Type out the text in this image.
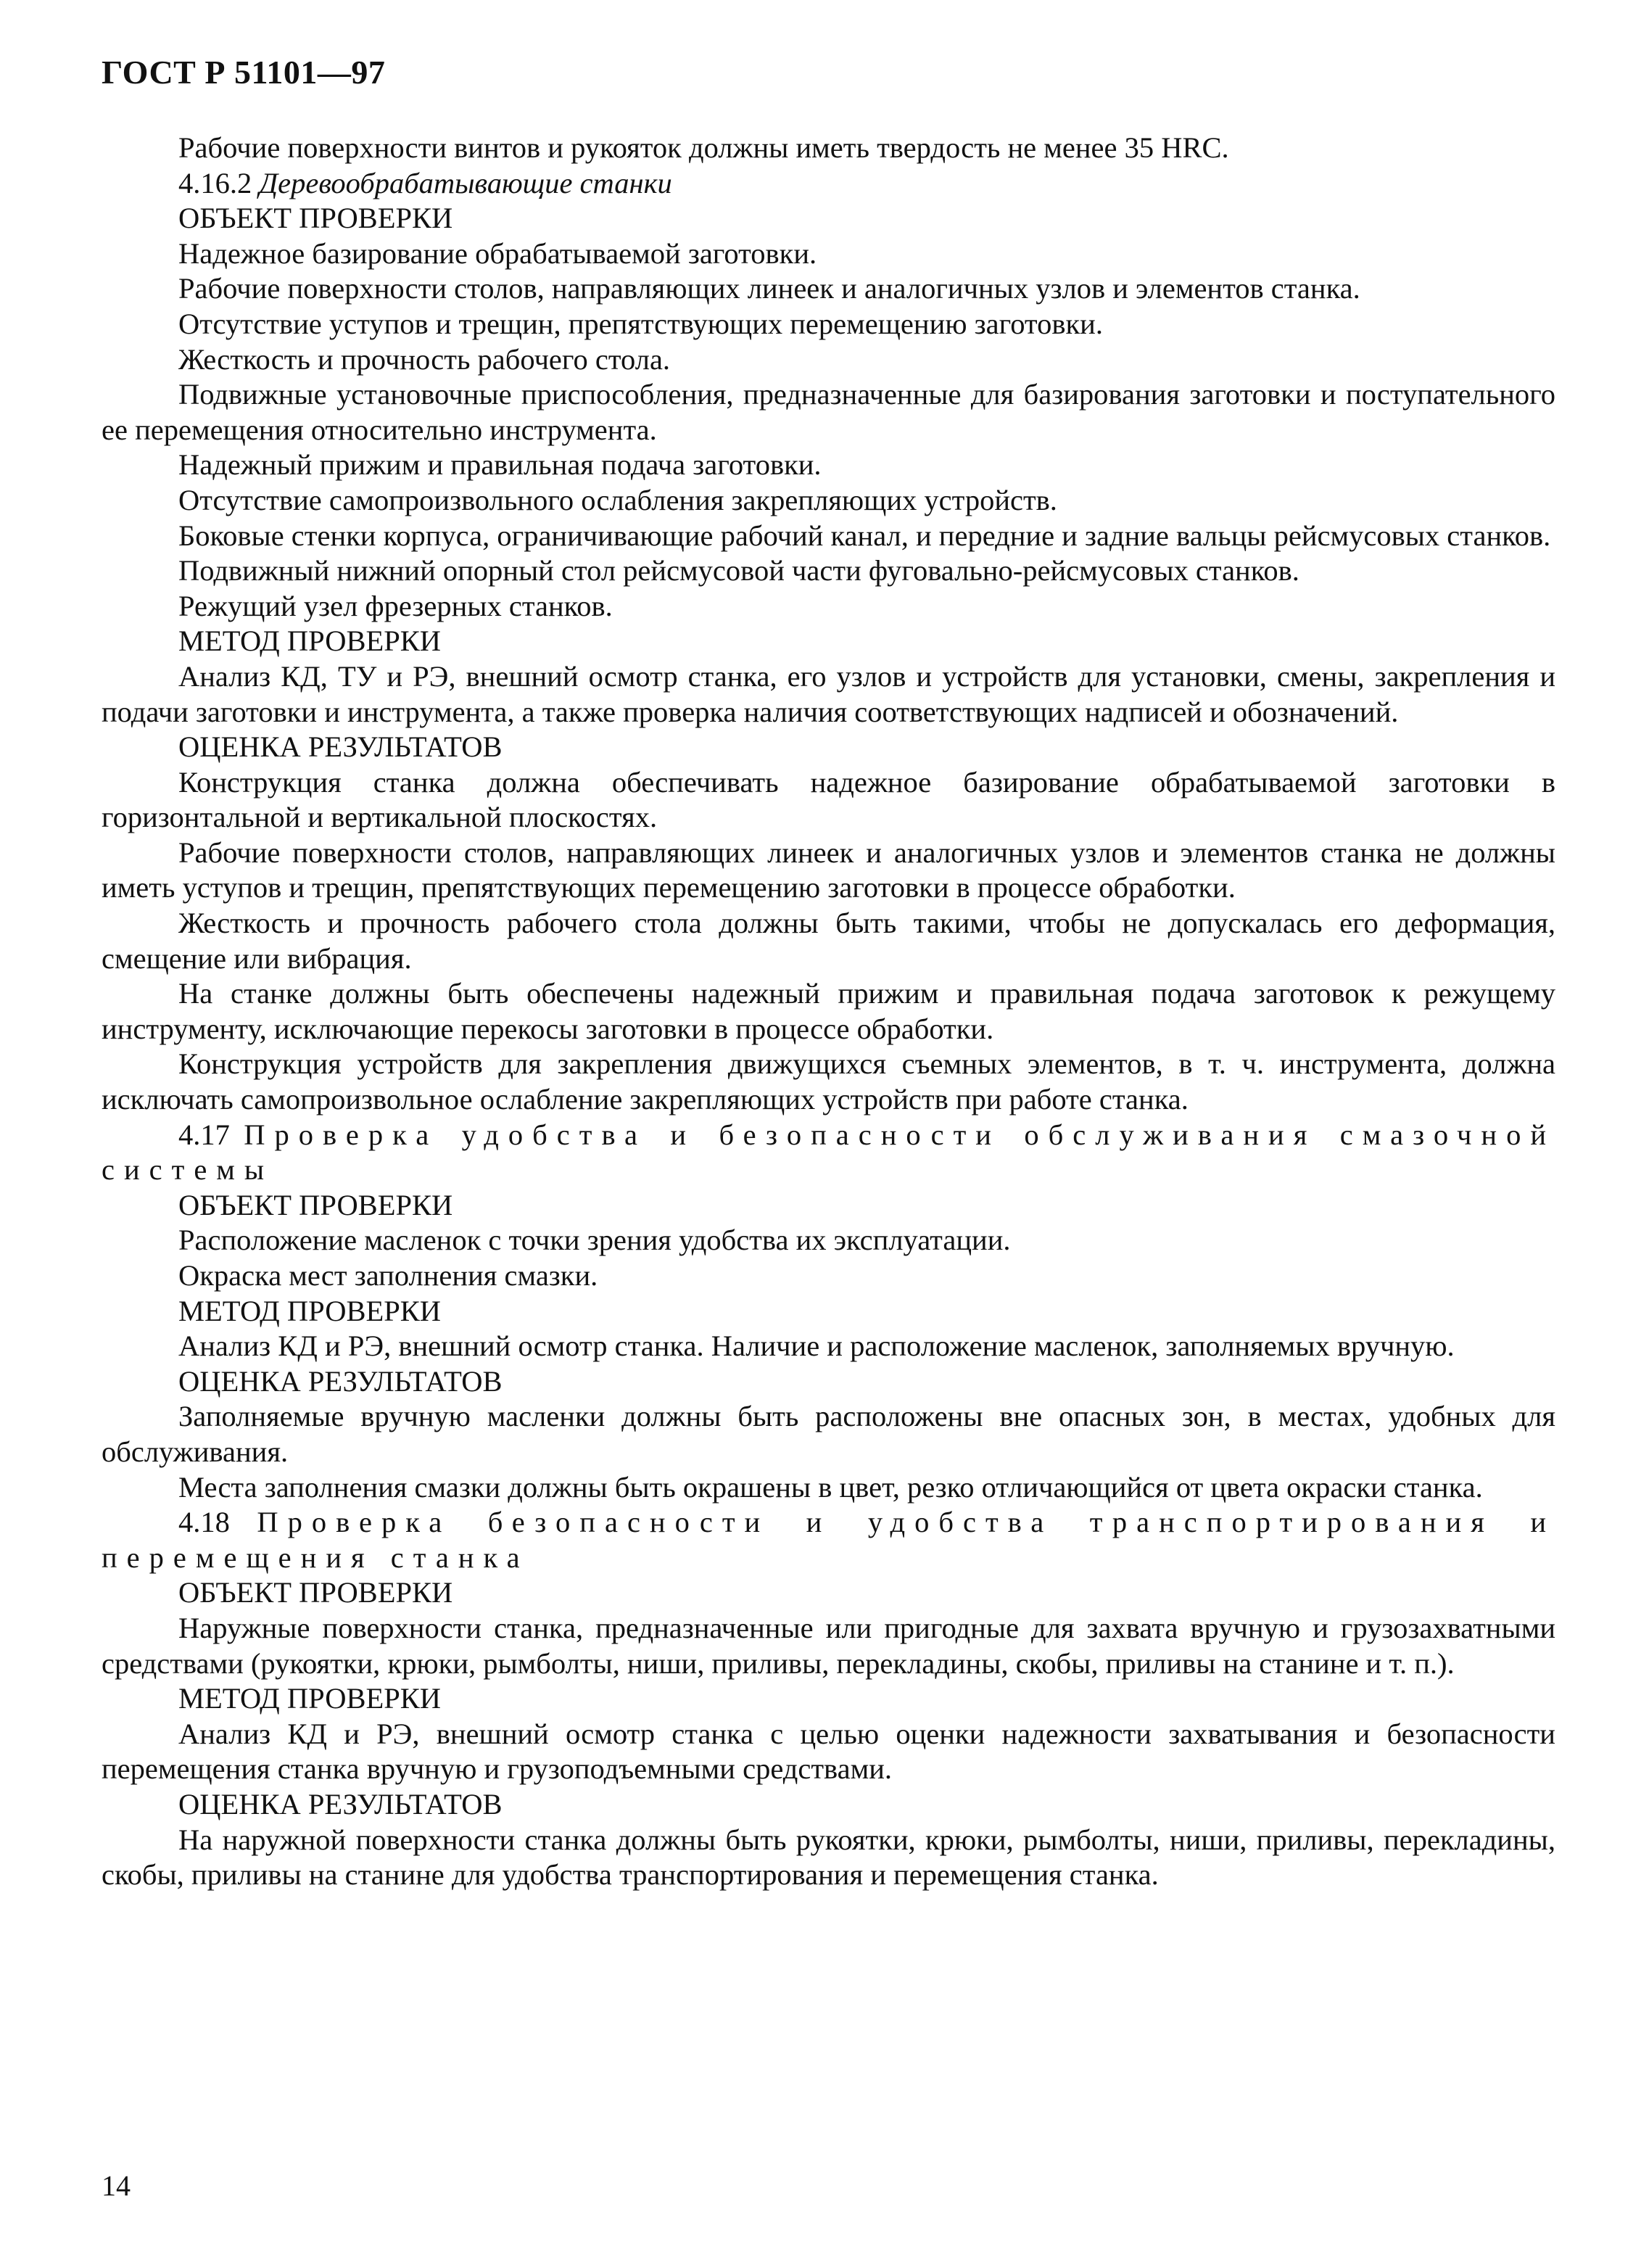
ГОСТ Р 51101—97

Рабочие поверхности винтов и рукояток должны иметь твердость не менее 35 HRC.

4.16.2 Деревообрабатывающие станки

ОБЪЕКТ ПРОВЕРКИ

Надежное базирование обрабатываемой заготовки.

Рабочие поверхности столов, направляющих линеек и аналогичных узлов и элементов станка.

Отсутствие уступов и трещин, препятствующих перемещению заготовки.

Жесткость и прочность рабочего стола.

Подвижные установочные приспособления, предназначенные для базирования заготовки и поступательного ее перемещения относительно инструмента.

Надежный прижим и правильная подача заготовки.

Отсутствие самопроизвольного ослабления закрепляющих устройств.

Боковые стенки корпуса, ограничивающие рабочий канал, и передние и задние вальцы рейсмусовых станков.

Подвижный нижний опорный стол рейсмусовой части фуговально-рейсмусовых станков.

Режущий узел фрезерных станков.

МЕТОД ПРОВЕРКИ

Анализ КД, ТУ и РЭ, внешний осмотр станка, его узлов и устройств для установки, смены, закрепления и подачи заготовки и инструмента, а также проверка наличия соответствующих надписей и обозначений.

ОЦЕНКА РЕЗУЛЬТАТОВ

Конструкция станка должна обеспечивать надежное базирование обрабатываемой заготовки в горизонтальной и вертикальной плоскостях.

Рабочие поверхности столов, направляющих линеек и аналогичных узлов и элементов станка не должны иметь уступов и трещин, препятствующих перемещению заготовки в процессе обработки.

Жесткость и прочность рабочего стола должны быть такими, чтобы не допускалась его деформация, смещение или вибрация.

На станке должны быть обеспечены надежный прижим и правильная подача заготовок к режущему инструменту, исключающие перекосы заготовки в процессе обработки.

Конструкция устройств для закрепления движущихся съемных элементов, в т. ч. инструмента, должна исключать самопроизвольное ослабление закрепляющих устройств при работе станка.

4.17 Проверка удобства и безопасности обслуживания смазочной системы

ОБЪЕКТ ПРОВЕРКИ

Расположение масленок с точки зрения удобства их эксплуатации.

Окраска мест заполнения смазки.

МЕТОД ПРОВЕРКИ

Анализ КД и РЭ, внешний осмотр станка. Наличие и расположение масленок, заполняемых вручную.

ОЦЕНКА РЕЗУЛЬТАТОВ

Заполняемые вручную масленки должны быть расположены вне опасных зон, в местах, удобных для обслуживания.

Места заполнения смазки должны быть окрашены в цвет, резко отличающийся от цвета окраски станка.

4.18 Проверка безопасности и удобства транспортирования и перемещения станка

ОБЪЕКТ ПРОВЕРКИ

Наружные поверхности станка, предназначенные или пригодные для захвата вручную и грузозахватными средствами (рукоятки, крюки, рымболты, ниши, приливы, перекладины, скобы, приливы на станине и т. п.).

МЕТОД ПРОВЕРКИ

Анализ КД и РЭ, внешний осмотр станка с целью оценки надежности захватывания и безопасности перемещения станка вручную и грузоподъемными средствами.

ОЦЕНКА РЕЗУЛЬТАТОВ

На наружной поверхности станка должны быть рукоятки, крюки, рымболты, ниши, приливы, перекладины, скобы, приливы на станине для удобства транспортирования и перемещения станка.

14
